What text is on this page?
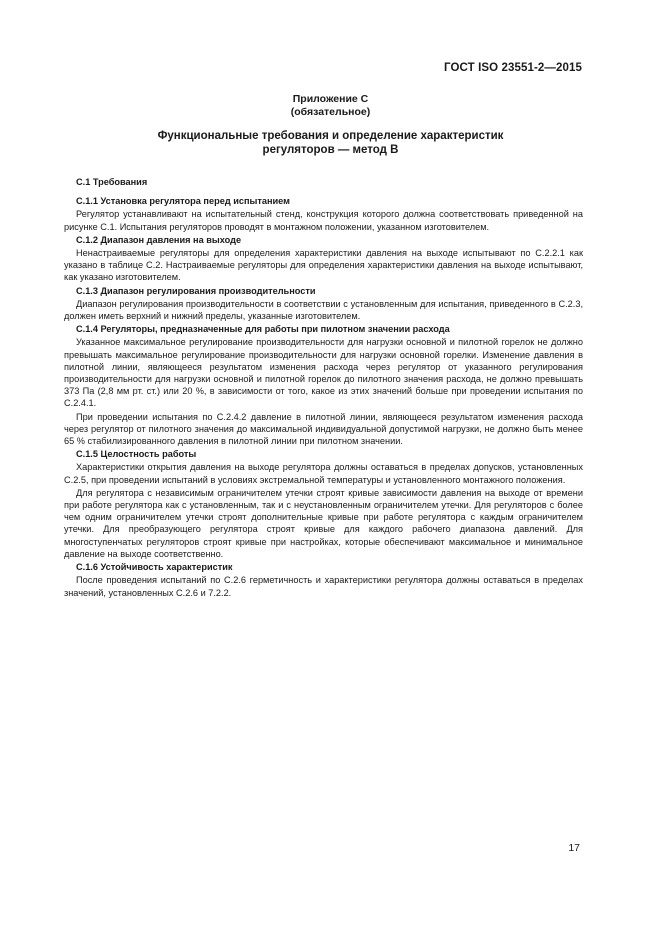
ГОСТ ISO 23551-2—2015
Приложение С
(обязательное)
Функциональные требования и определение характеристик
регуляторов — метод В
С.1 Требования
С.1.1 Установка регулятора перед испытанием
Регулятор устанавливают на испытательный стенд, конструкция которого должна соответствовать приведенной на рисунке С.1. Испытания регуляторов проводят в монтажном положении, указанном изготовителем.
С.1.2 Диапазон давления на выходе
Ненастраиваемые регуляторы для определения характеристики давления на выходе испытывают по С.2.2.1 как указано в таблице С.2. Настраиваемые регуляторы для определения характеристики давления на выходе испытывают, как указано изготовителем.
С.1.3 Диапазон регулирования производительности
Диапазон регулирования производительности в соответствии с установленным для испытания, приведенного в С.2.3, должен иметь верхний и нижний пределы, указанные изготовителем.
С.1.4 Регуляторы, предназначенные для работы при пилотном значении расхода
Указанное максимальное регулирование производительности для нагрузки основной и пилотной горелок не должно превышать максимальное регулирование производительности для нагрузки основной горелки. Изменение давления в пилотной линии, являющееся результатом изменения расхода через регулятор от указанного регулирования производительности для нагрузки основной и пилотной горелок до пилотного значения расхода, не должно превышать 373 Па (2,8 мм рт. ст.) или 20 %, в зависимости от того, какое из этих значений больше при проведении испытания по С.2.4.1.
При проведении испытания по С.2.4.2 давление в пилотной линии, являющееся результатом изменения расхода через регулятор от пилотного значения до максимальной индивидуальной допустимой нагрузки, не должно быть менее 65 % стабилизированного давления в пилотной линии при пилотном значении.
С.1.5 Целостность работы
Характеристики открытия давления на выходе регулятора должны оставаться в пределах допусков, установленных С.2.5, при проведении испытаний в условиях экстремальной температуры и установленного монтажного положения.
Для регулятора с независимым ограничителем утечки строят кривые зависимости давления на выходе от времени при работе регулятора как с установленным, так и с неустановленным ограничителем утечки. Для регуляторов с более чем одним ограничителем утечки строят дополнительные кривые при работе регулятора с каждым ограничителем утечки. Для преобразующего регулятора строят кривые для каждого рабочего диапазона давлений. Для многоступенчатых регуляторов строят кривые при настройках, которые обеспечивают максимальное и минимальное давление на выходе соответственно.
С.1.6 Устойчивость характеристик
После проведения испытаний по С.2.6 герметичность и характеристики регулятора должны оставаться в пределах значений, установленных С.2.6 и 7.2.2.
17
